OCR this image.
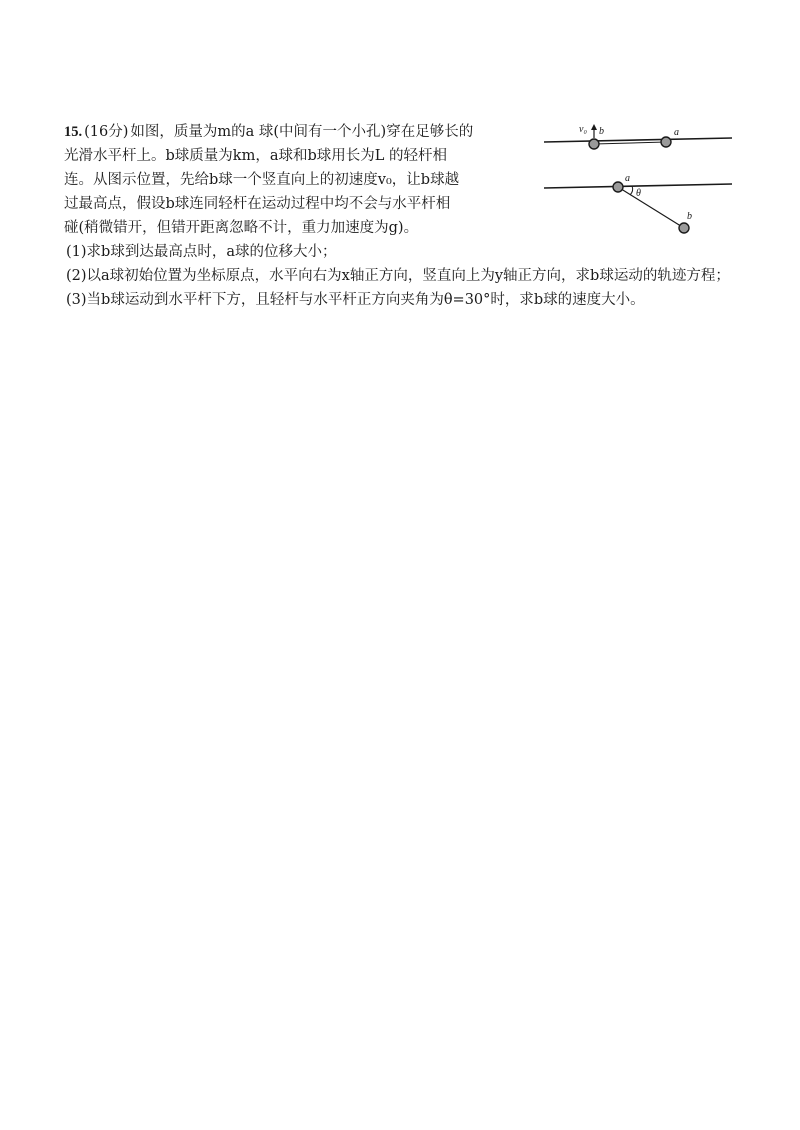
15. (16分) 如图，质量为m的a 球(中间有一个小孔)穿在足够长的

光滑水平杆上。b球质量为km，a球和b球用长为L 的轻杆相

连。从图示位置，先给b球一个竖直向上的初速度v₀，让b球越

过最高点，假设b球连同轻杆在运动过程中均不会与水平杆相

碰(稍微错开，但错开距离忽略不计，重力加速度为g)。

(1)求b球到达最高点时，a球的位移大小；

(2)以a球初始位置为坐标原点，水平向右为x轴正方向，竖直向上为y轴正方向，求b球运动的轨迹方程；

(3)当b球运动到水平杆下方，且轻杆与水平杆正方向夹角为θ=30°时，求b球的速度大小。

v₀ b	a
a
θ
b
